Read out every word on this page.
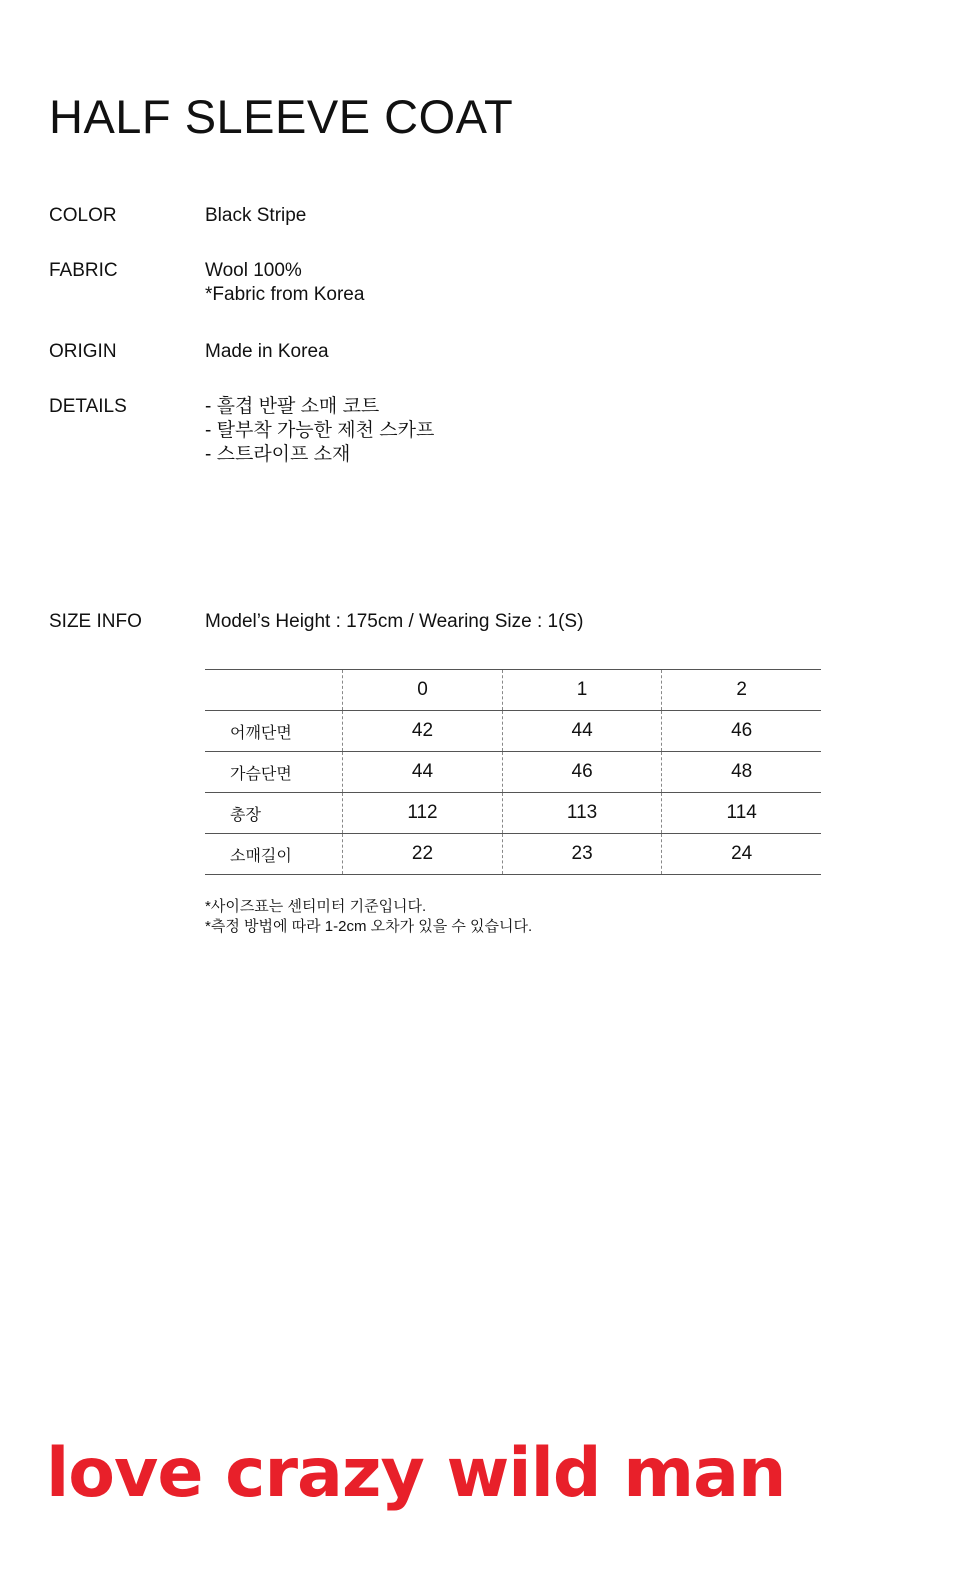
HALF SLEEVE COAT
COLOR	Black Stripe
FABRIC	Wool 100%
*Fabric from Korea
ORIGIN	Made in Korea
DETAILS	- 흘겹 반팔 소매 코트
- 탈부착 가능한 제천 스카프
- 스트라이프 소재
SIZE INFO	Model’s Height : 175cm / Wearing Size : 1(S)
	0	1	2
어깨단면	42	44	46
가슴단면	44	46	48
총장	112	113	114
소매길이	22	23	24
*사이즈표는 센티미터 기준입니다.
*측정 방법에 따라 1-2cm 오차가 있을 수 있습니다.
love crazy wild man
